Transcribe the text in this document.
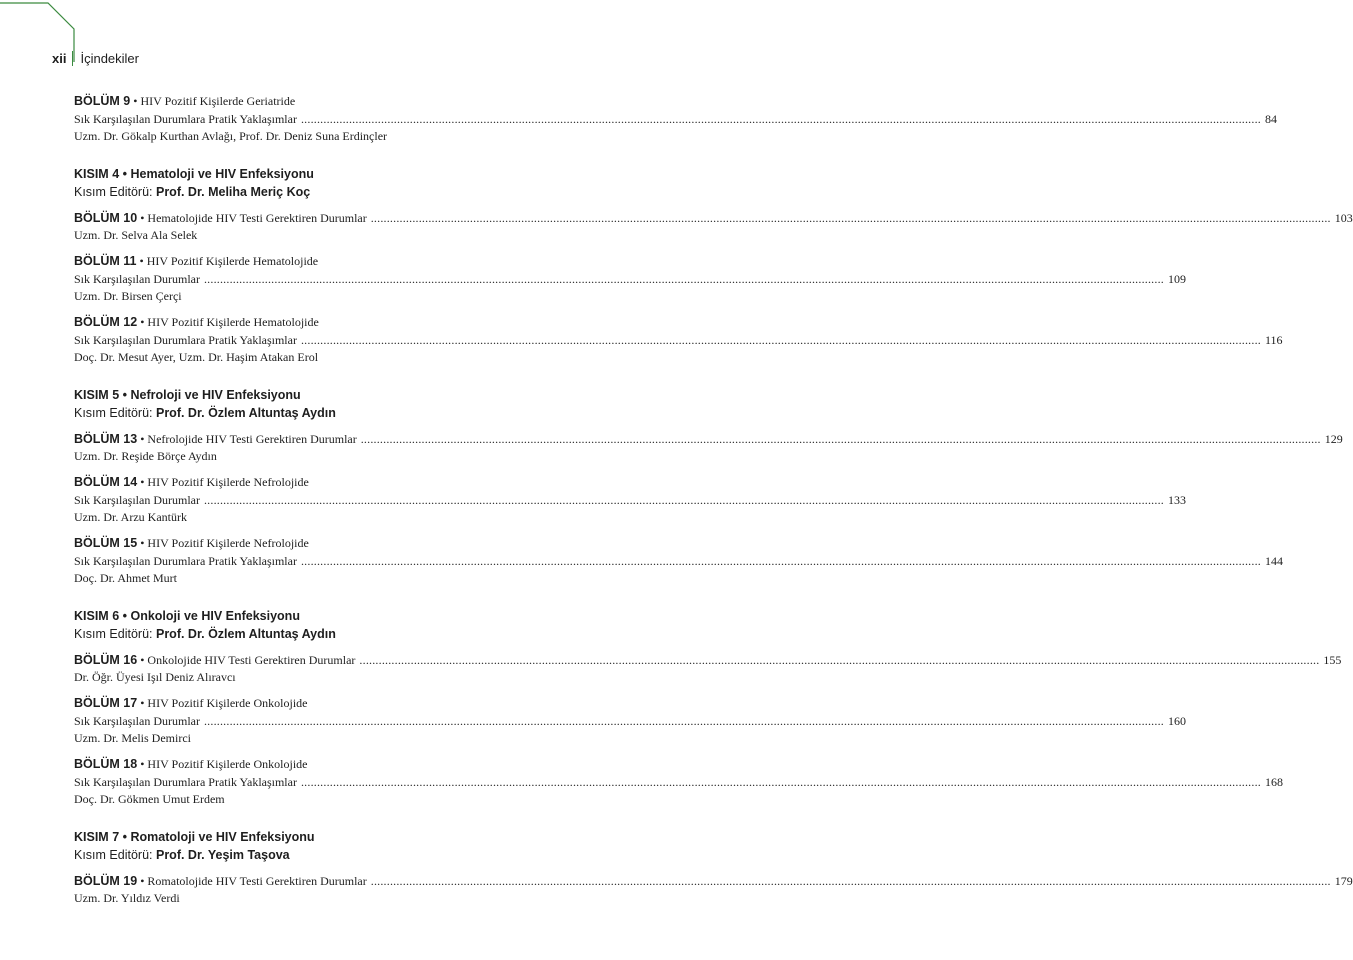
xii İçindekiler
BÖLÜM 9 • HIV Pozitif Kişilerde Geriatride
Sık Karşılaşılan Durumlara Pratik Yaklaşımlar ............................................................................................................................................................................................................................................................................................................ 84
Uzm. Dr. Gökalp Kurthan Avlağı, Prof. Dr. Deniz Suna Erdinçler
KISIM 4 • Hematoloji ve HIV Enfeksiyonu
Kısım Editörü: Prof. Dr. Meliha Meriç Koç
BÖLÜM 10 • Hematolojide HIV Testi Gerektiren Durumlar ............................................................................................................................................................................................................................................................................................................ 103
Uzm. Dr. Selva Ala Selek
BÖLÜM 11 • HIV Pozitif Kişilerde Hematolojide
Sık Karşılaşılan Durumlar ............................................................................................................................................................................................................................................................................................................ 109
Uzm. Dr. Birsen Çerçi
BÖLÜM 12 • HIV Pozitif Kişilerde Hematolojide
Sık Karşılaşılan Durumlara Pratik Yaklaşımlar ............................................................................................................................................................................................................................................................................................................ 116
Doç. Dr. Mesut Ayer, Uzm. Dr. Haşim Atakan Erol
KISIM 5 • Nefroloji ve HIV Enfeksiyonu
Kısım Editörü: Prof. Dr. Özlem Altuntaş Aydın
BÖLÜM 13 • Nefrolojide HIV Testi Gerektiren Durumlar ............................................................................................................................................................................................................................................................................................................ 129
Uzm. Dr. Reşide Börçe Aydın
BÖLÜM 14 • HIV Pozitif Kişilerde Nefrolojide
Sık Karşılaşılan Durumlar ............................................................................................................................................................................................................................................................................................................ 133
Uzm. Dr. Arzu Kantürk
BÖLÜM 15 • HIV Pozitif Kişilerde Nefrolojide
Sık Karşılaşılan Durumlara Pratik Yaklaşımlar ............................................................................................................................................................................................................................................................................................................ 144
Doç. Dr. Ahmet Murt
KISIM 6 • Onkoloji ve HIV Enfeksiyonu
Kısım Editörü: Prof. Dr. Özlem Altuntaş Aydın
BÖLÜM 16 • Onkolojide HIV Testi Gerektiren Durumlar ............................................................................................................................................................................................................................................................................................................ 155
Dr. Öğr. Üyesi Işıl Deniz Alıravcı
BÖLÜM 17 • HIV Pozitif Kişilerde Onkolojide
Sık Karşılaşılan Durumlar ............................................................................................................................................................................................................................................................................................................ 160
Uzm. Dr. Melis Demirci
BÖLÜM 18 • HIV Pozitif Kişilerde Onkolojide
Sık Karşılaşılan Durumlara Pratik Yaklaşımlar ............................................................................................................................................................................................................................................................................................................ 168
Doç. Dr. Gökmen Umut Erdem
KISIM 7 • Romatoloji ve HIV Enfeksiyonu
Kısım Editörü: Prof. Dr. Yeşim Taşova
BÖLÜM 19 • Romatolojide HIV Testi Gerektiren Durumlar ............................................................................................................................................................................................................................................................................................................ 179
Uzm. Dr. Yıldız Verdi
